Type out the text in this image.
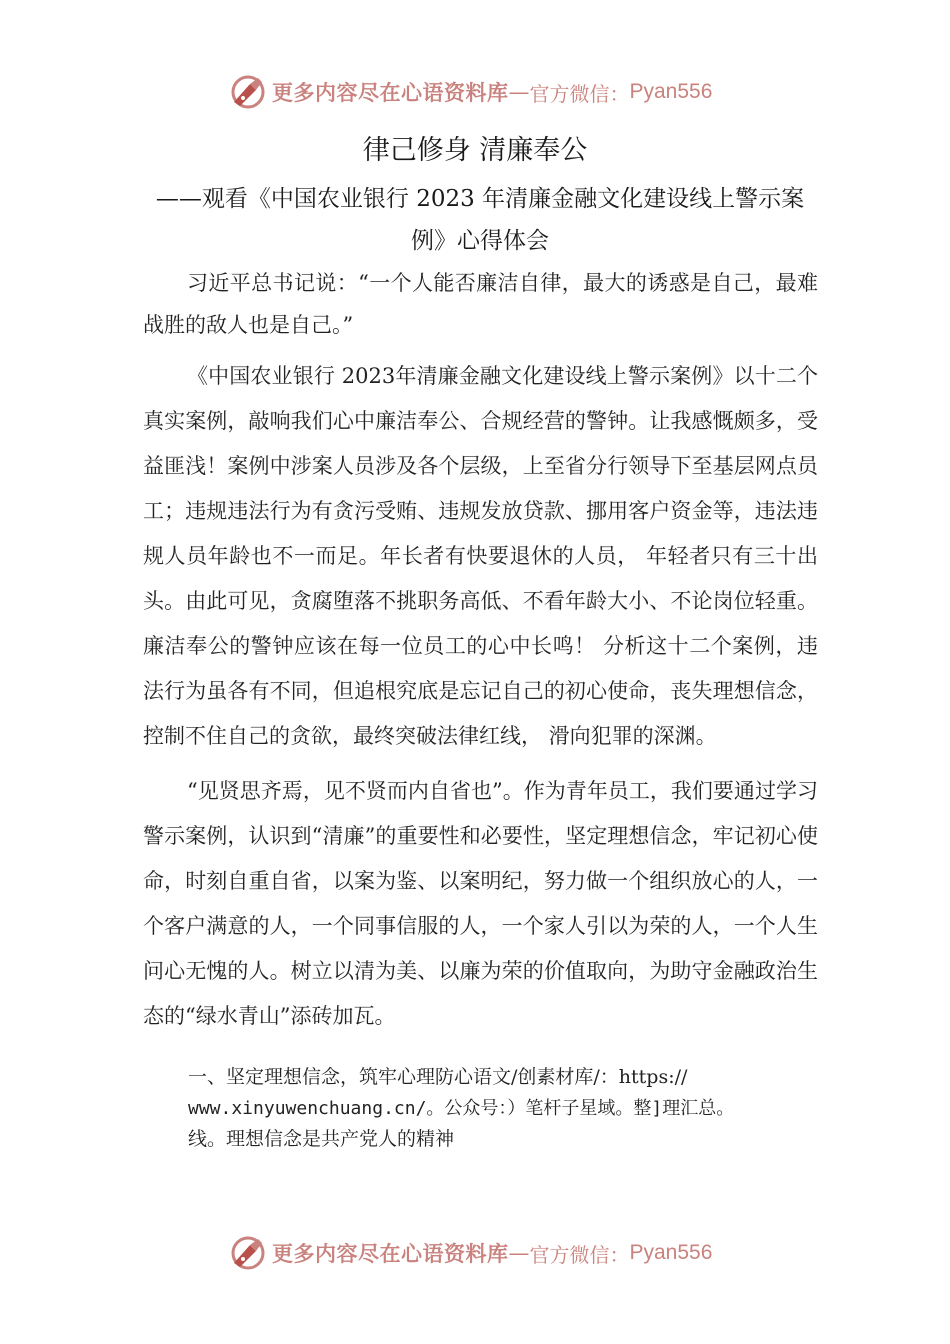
更多内容尽在心语资料库 — 官方微信： Pyan556
律己修身 清廉奉公
——观看《中国农业银行 2023 年清廉金融文化建设线上警示案例》心得体会

习近平总书记说：“一个人能否廉洁自律，最大的诱惑是自己，最难战胜的敌人也是自己。”

《中国农业银行 2023年清廉金融文化建设线上警示案例》以十二个真实案例，敲响我们心中廉洁奉公、合规经营的警钟。让我感慨颇多，受益匪浅！案例中涉案人员涉及各个层级，上至省分行领导下至基层网点员工；违规违法行为有贪污受贿、违规发放贷款、挪用客户资金等，违法违规人员年龄也不一而足。年长者有快要退休的人员， 年轻者只有三十出头。由此可见，贪腐堕落不挑职务高低、不看年龄大小、不论岗位轻重。廉洁奉公的警钟应该在每一位员工的心中长鸣！ 分析这十二个案例，违法行为虽各有不同，但追根究底是忘记自己的初心使命，丧失理想信念，控制不住自己的贪欲，最终突破法律红线， 滑向犯罪的深渊。

“见贤思齐焉，见不贤而内自省也”。作为青年员工，我们要通过学习警示案例，认识到“清廉”的重要性和必要性，坚定理想信念，牢记初心使命，时刻自重自省，以案为鉴、以案明纪，努力做一个组织放心的人，一个客户满意的人，一个同事信服的人，一个家人引以为荣的人，一个人生问心无愧的人。树立以清为美、以廉为荣的价值取向，为助守金融政治生态的“绿水青山”添砖加瓦。

一、坚定理想信念，筑牢心理防心语文/创素材库/：https://

www.xinyuwenchuang.cn/。公众号：）笔杆子星域。整]理汇总。

线。理想信念是共产党人的精神

更多内容尽在心语资料库 — 官方微信： Pyan556
